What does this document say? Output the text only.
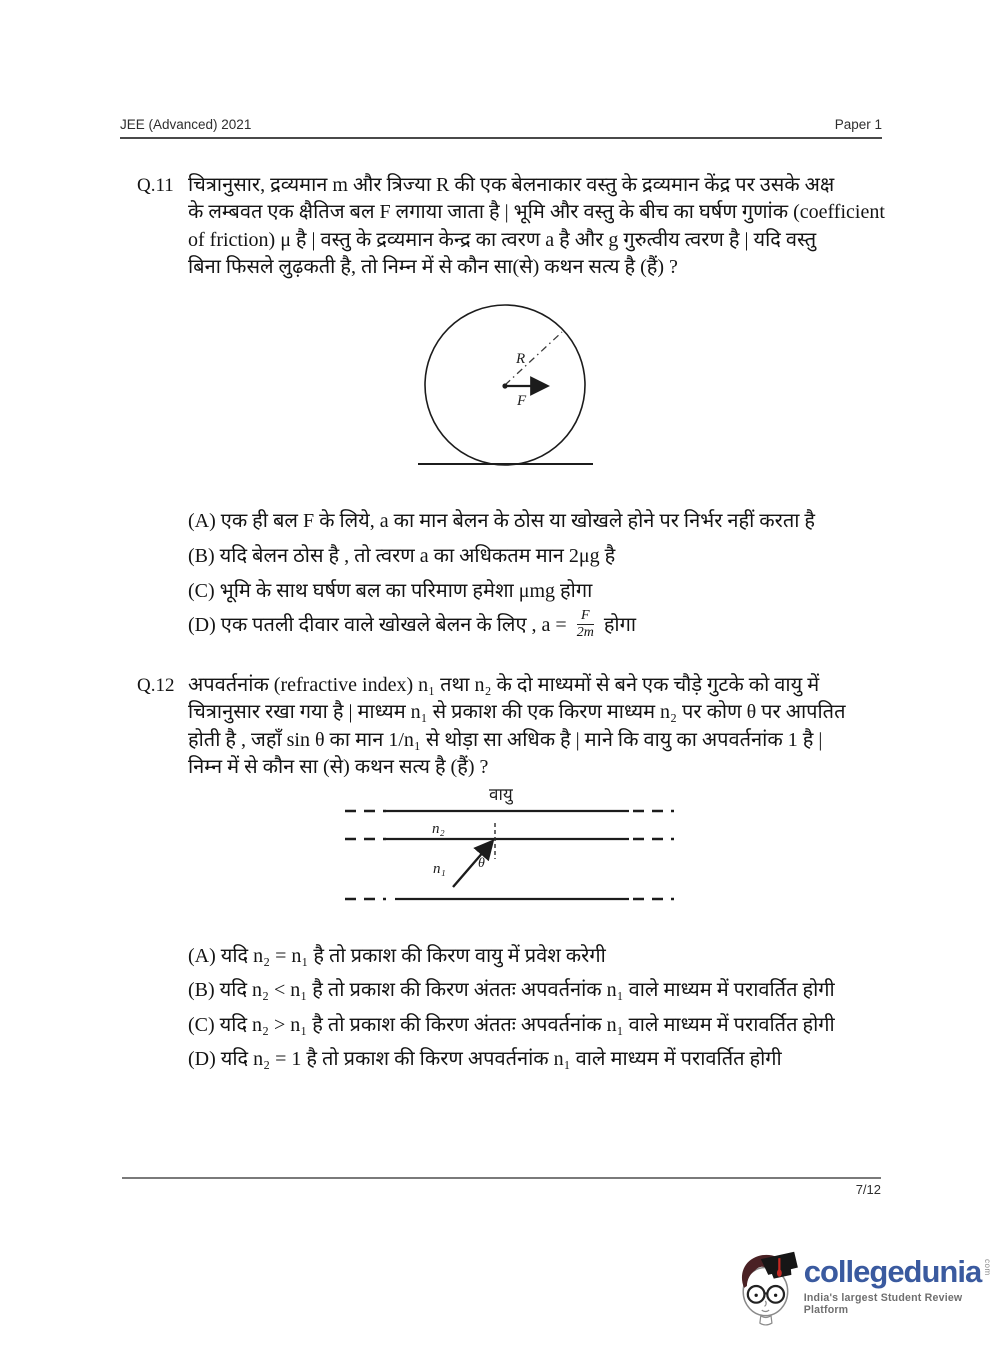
JEE (Advanced) 2021	Paper 1
Q.11 चित्रानुसार, द्रव्यमान m और त्रिज्या R की एक बेलनाकार वस्तु के द्रव्यमान केंद्र पर उसके अक्ष
के लम्बवत एक क्षैतिज बल F लगाया जाता है | भूमि और वस्तु के बीच का घर्षण गुणांक (coefficient
of friction) μ है | वस्तु के द्रव्यमान केन्द्र का त्वरण a है और g गुरुत्वीय त्वरण है | यदि वस्तु
बिना फिसले लुढ़कती है, तो निम्न में से कौन सा(से) कथन सत्य है (हैं) ?
R
F
(A) एक ही बल F के लिये, a का मान बेलन के ठोस या खोखले होने पर निर्भर नहीं करता है
(B) यदि बेलन ठोस है , तो त्वरण a का अधिकतम मान 2μg है
(C) भूमि के साथ घर्षण बल का परिमाण हमेशा μmg होगा
(D) एक पतली दीवार वाले खोखले बेलन के लिए , $a = \frac{F}{2m}$ होगा
Q.12 अपवर्तनांक (refractive index) n₁ तथा n₂ के दो माध्यमों से बने एक चौड़े गुटके को वायु में
चित्रानुसार रखा गया है | माध्यम n₁ से प्रकाश की एक किरण माध्यम n₂ पर कोण θ पर आपतित
होती है , जहाँ sin θ का मान 1/n₁ से थोड़ा सा अधिक है | माने कि वायु का अपवर्तनांक 1 है |
निम्न में से कौन सा (से) कथन सत्य है (हैं) ?
वायु
n₂
θ
n₁
(A) यदि n₂ = n₁ है तो प्रकाश की किरण वायु में प्रवेश करेगी
(B) यदि n₂ < n₁ है तो प्रकाश की किरण अंततः अपवर्तनांक n₁ वाले माध्यम में परावर्तित होगी
(C) यदि n₂ > n₁ है तो प्रकाश की किरण अंततः अपवर्तनांक n₁ वाले माध्यम में परावर्तित होगी
(D) यदि n₂ = 1 है तो प्रकाश की किरण अपवर्तनांक n₁ वाले माध्यम में परावर्तित होगी
7/12
collegedunia com
India's largest Student Review Platform
